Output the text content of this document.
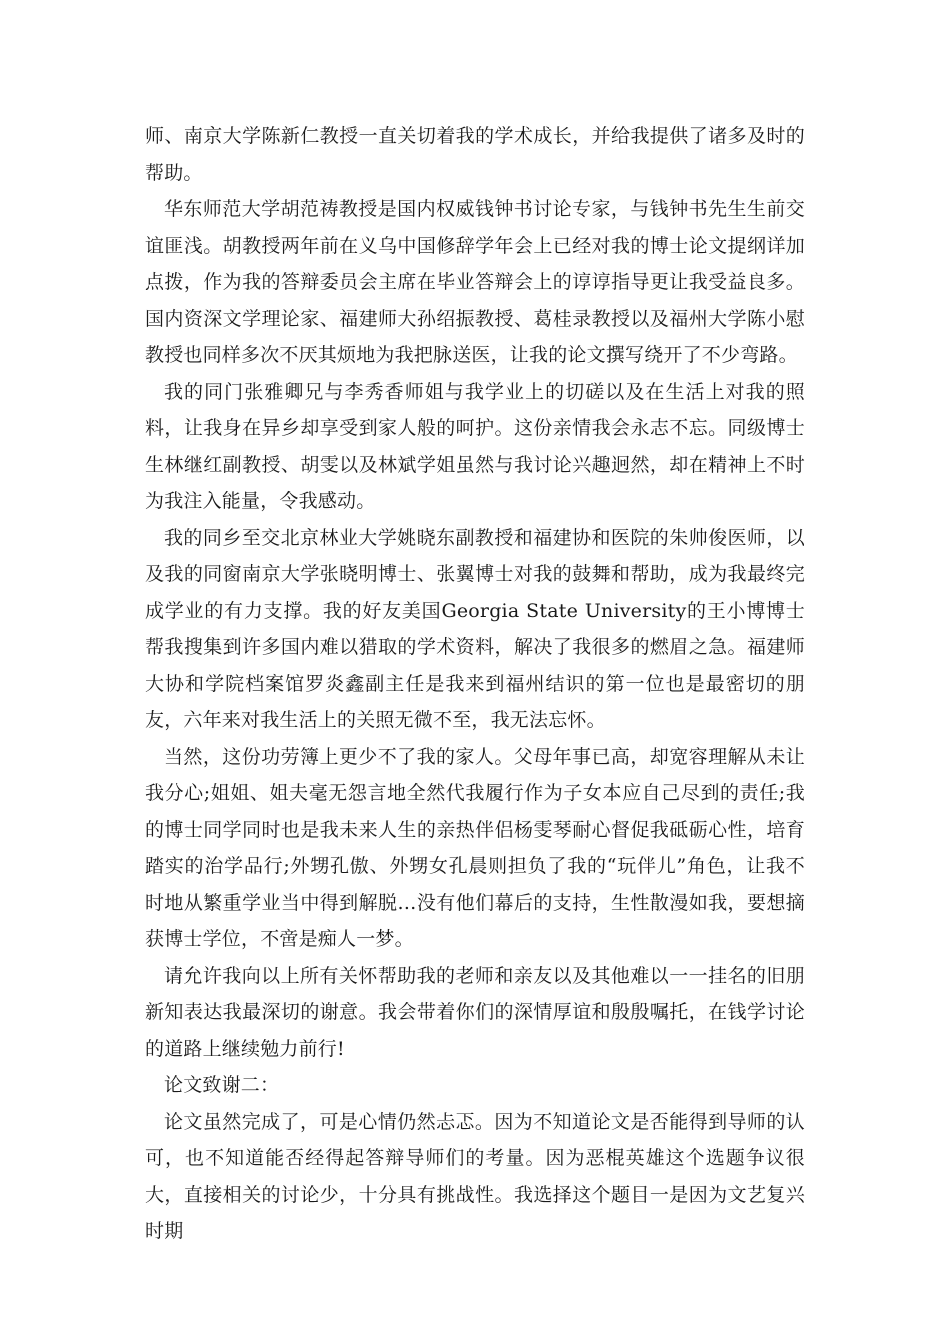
师、南京大学陈新仁教授一直关切着我的学术成长，并给我提供了诸多及时的帮助。

华东师范大学胡范祷教授是国内权威钱钟书讨论专家，与钱钟书先生生前交谊匪浅。胡教授两年前在义乌中国修辞学年会上已经对我的博士论文提纲详加点拨，作为我的答辩委员会主席在毕业答辩会上的谆谆指导更让我受益良多。国内资深文学理论家、福建师大孙绍振教授、葛桂录教授以及福州大学陈小慰教授也同样多次不厌其烦地为我把脉送医，让我的论文撰写绕开了不少弯路。

我的同门张雅卿兄与李秀香师姐与我学业上的切磋以及在生活上对我的照料，让我身在异乡却享受到家人般的呵护。这份亲情我会永志不忘。同级博士生林继红副教授、胡雯以及林斌学姐虽然与我讨论兴趣迥然，却在精神上不时为我注入能量，令我感动。

我的同乡至交北京林业大学姚晓东副教授和福建协和医院的朱帅俊医师，以及我的同窗南京大学张晓明博士、张翼博士对我的鼓舞和帮助，成为我最终完成学业的有力支撑。我的好友美国Georgia State University的王小博博士帮我搜集到许多国内难以猎取的学术资料，解决了我很多的燃眉之急。福建师大协和学院档案馆罗炎鑫副主任是我来到福州结识的第一位也是最密切的朋友，六年来对我生活上的关照无微不至，我无法忘怀。

当然，这份功劳簿上更少不了我的家人。父母年事已高，却宽容理解从未让我分心;姐姐、姐夫毫无怨言地全然代我履行作为子女本应自己尽到的责任;我的博士同学同时也是我未来人生的亲热伴侣杨雯琴耐心督促我砥砺心性，培育踏实的治学品行;外甥孔傲、外甥女孔晨则担负了我的“玩伴儿”角色，让我不时地从繁重学业当中得到解脱…没有他们幕后的支持，生性散漫如我，要想摘获博士学位，不啻是痴人一梦。

请允许我向以上所有关怀帮助我的老师和亲友以及其他难以一一挂名的旧朋新知表达我最深切的谢意。我会带着你们的深情厚谊和殷殷嘱托，在钱学讨论的道路上继续勉力前行!

论文致谢二：

论文虽然完成了，可是心情仍然忐忑。因为不知道论文是否能得到导师的认可，也不知道能否经得起答辩导师们的考量。因为恶棍英雄这个选题争议很大，直接相关的讨论少，十分具有挑战性。我选择这个题目一是因为文艺复兴时期
